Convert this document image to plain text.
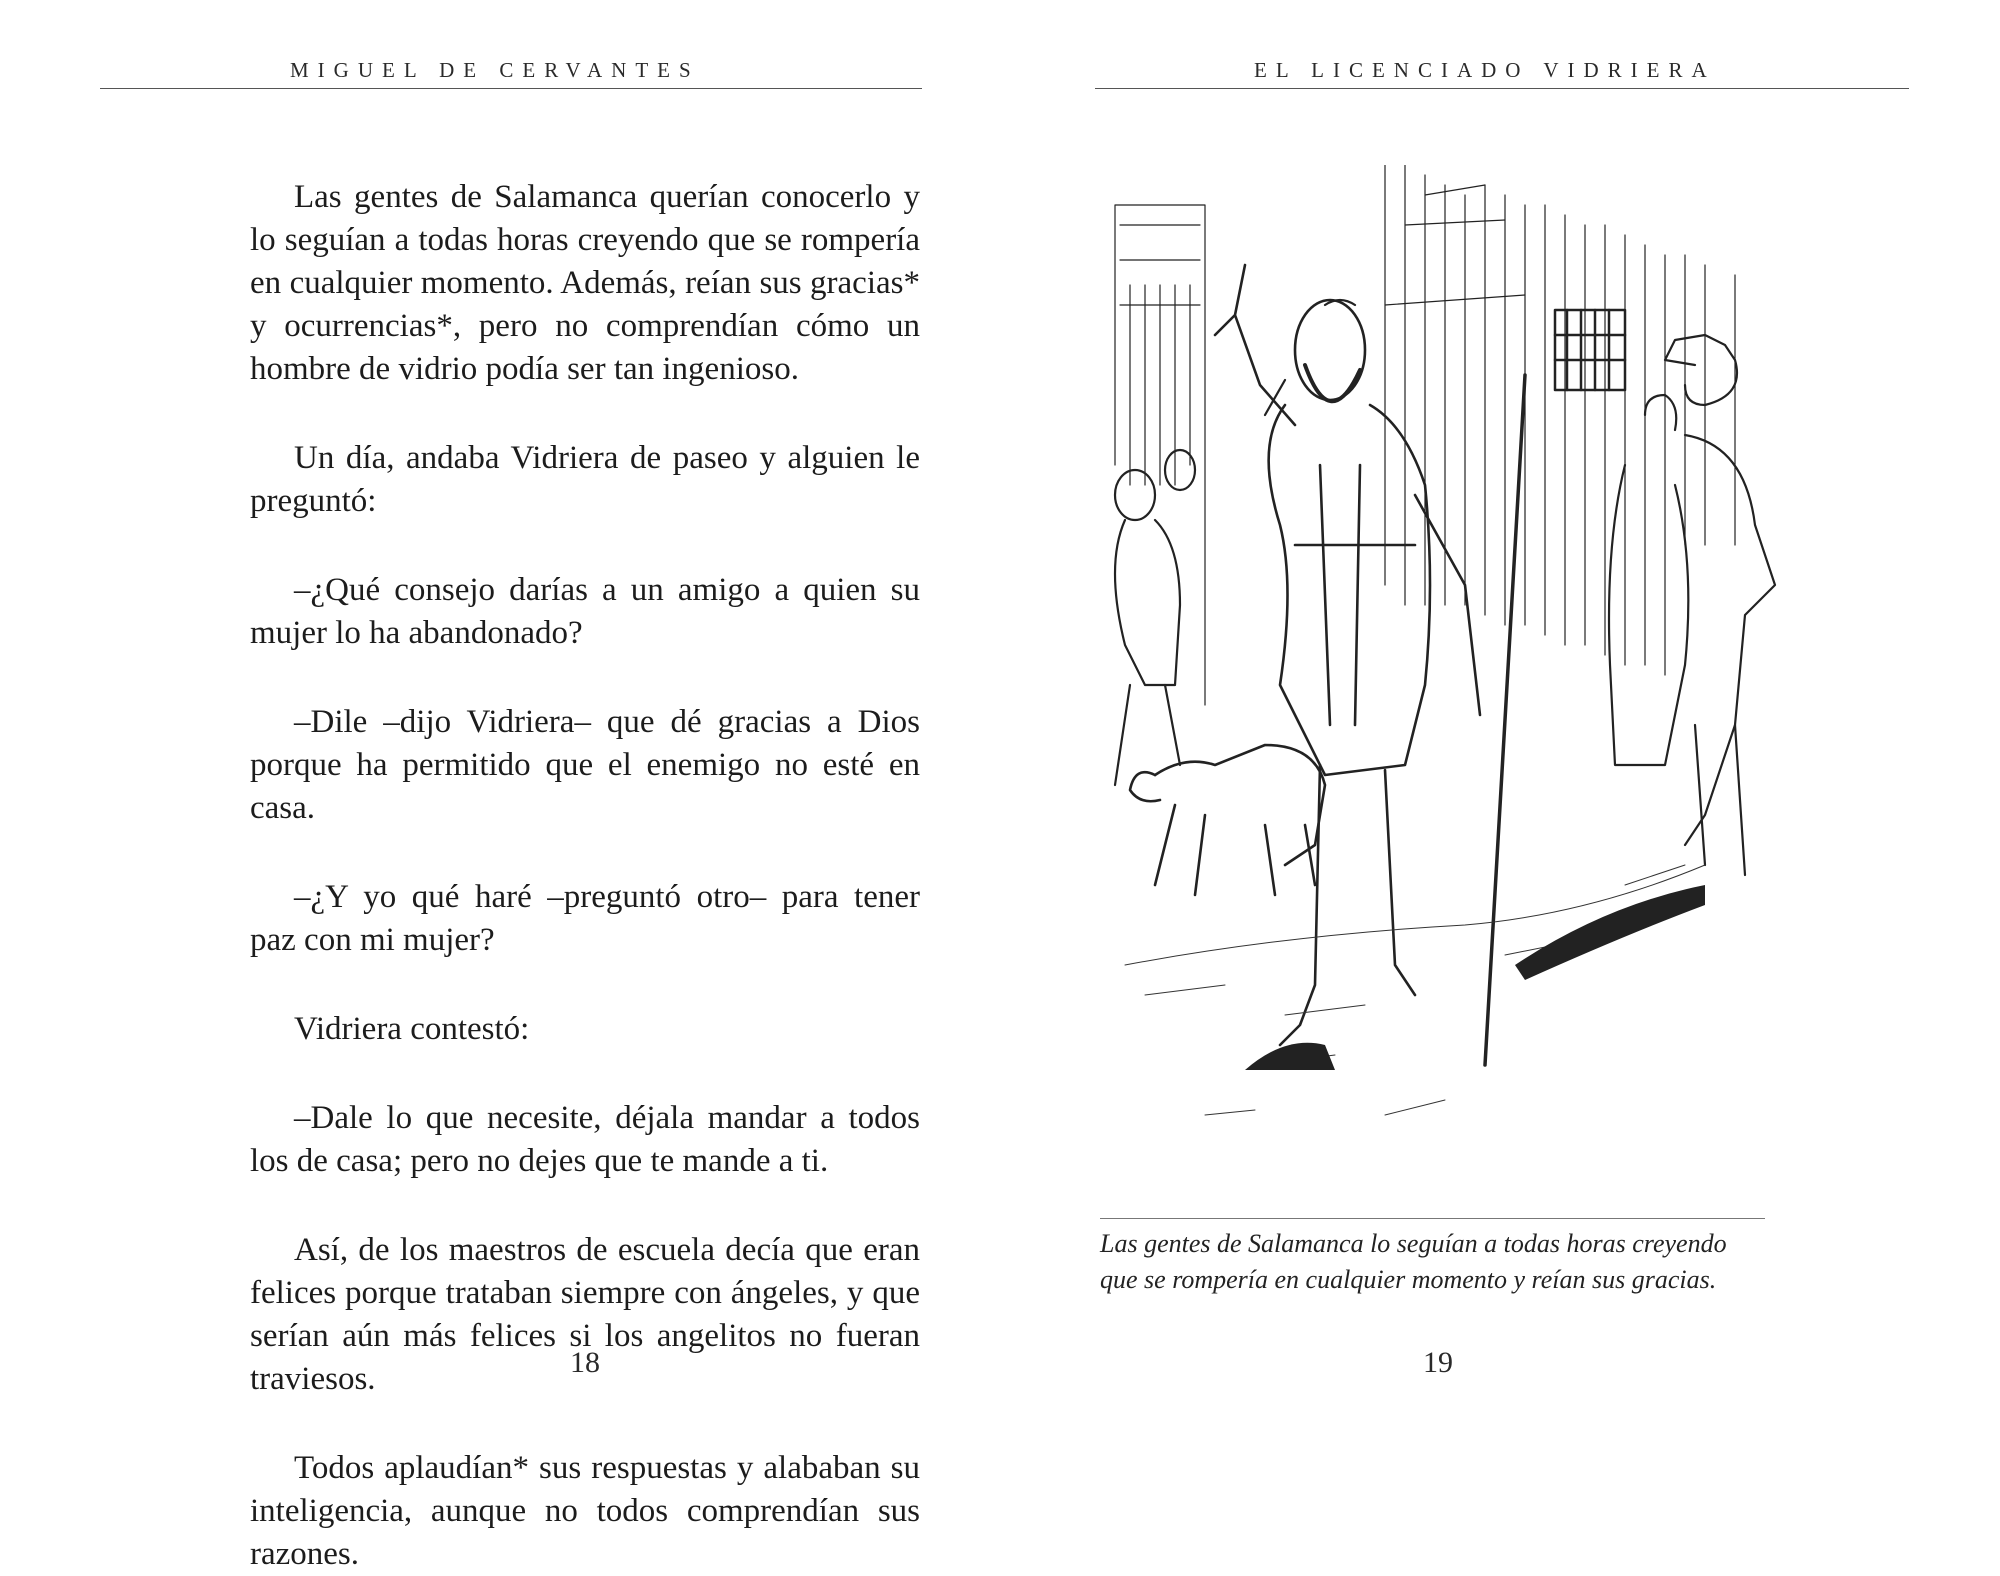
MIGUEL DE CERVANTES

Las gentes de Salamanca querían conocerlo y lo seguían a todas horas creyendo que se rompería en cualquier momento. Además, reían sus gracias* y ocurrencias*, pero no comprendían cómo un hombre de vidrio podía ser tan ingenioso.

Un día, andaba Vidriera de paseo y alguien le preguntó:

–¿Qué consejo darías a un amigo a quien su mujer lo ha abandonado?

–Dile –dijo Vidriera– que dé gracias a Dios porque ha permitido que el enemigo no esté en casa.

–¿Y yo qué haré –preguntó otro– para tener paz con mi mujer?

Vidriera contestó:

–Dale lo que necesite, déjala mandar a todos los de casa; pero no dejes que te mande a ti.

Así, de los maestros de escuela decía que eran felices porque trataban siempre con ángeles, y que serían aún más felices si los angelitos no fueran traviesos.

Todos aplaudían* sus respuestas y alababan su inteligencia, aunque no todos comprendían sus razones.

18
EL LICENCIADO VIDRIERA

Las gentes de Salamanca lo seguían a todas horas creyendo que se rompería en cualquier momento y reían sus gracias.

19
